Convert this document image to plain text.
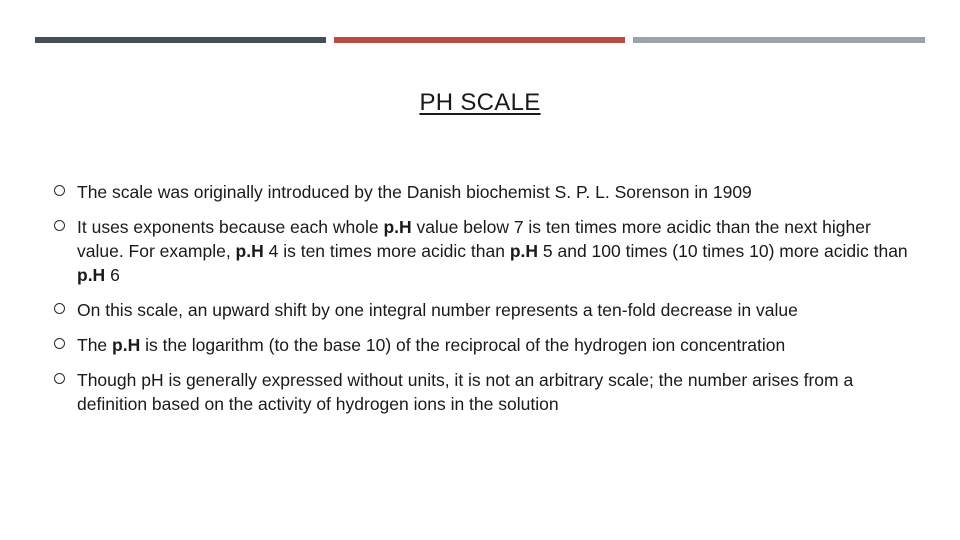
PH SCALE
The scale was originally introduced by the Danish biochemist S. P. L. Sorenson in 1909
It uses exponents because each whole p.H value below 7 is ten times more acidic than the next higher value. For example, p.H 4 is ten times more acidic than p.H 5 and 100 times (10 times 10) more acidic than p.H 6
On this scale, an upward shift by one integral number represents a ten-fold decrease in value
The p.H is the logarithm (to the base 10) of the reciprocal of the hydrogen ion concentration
Though pH is generally expressed without units, it is not an arbitrary scale; the number arises from a definition based on the activity of hydrogen ions in the solution
